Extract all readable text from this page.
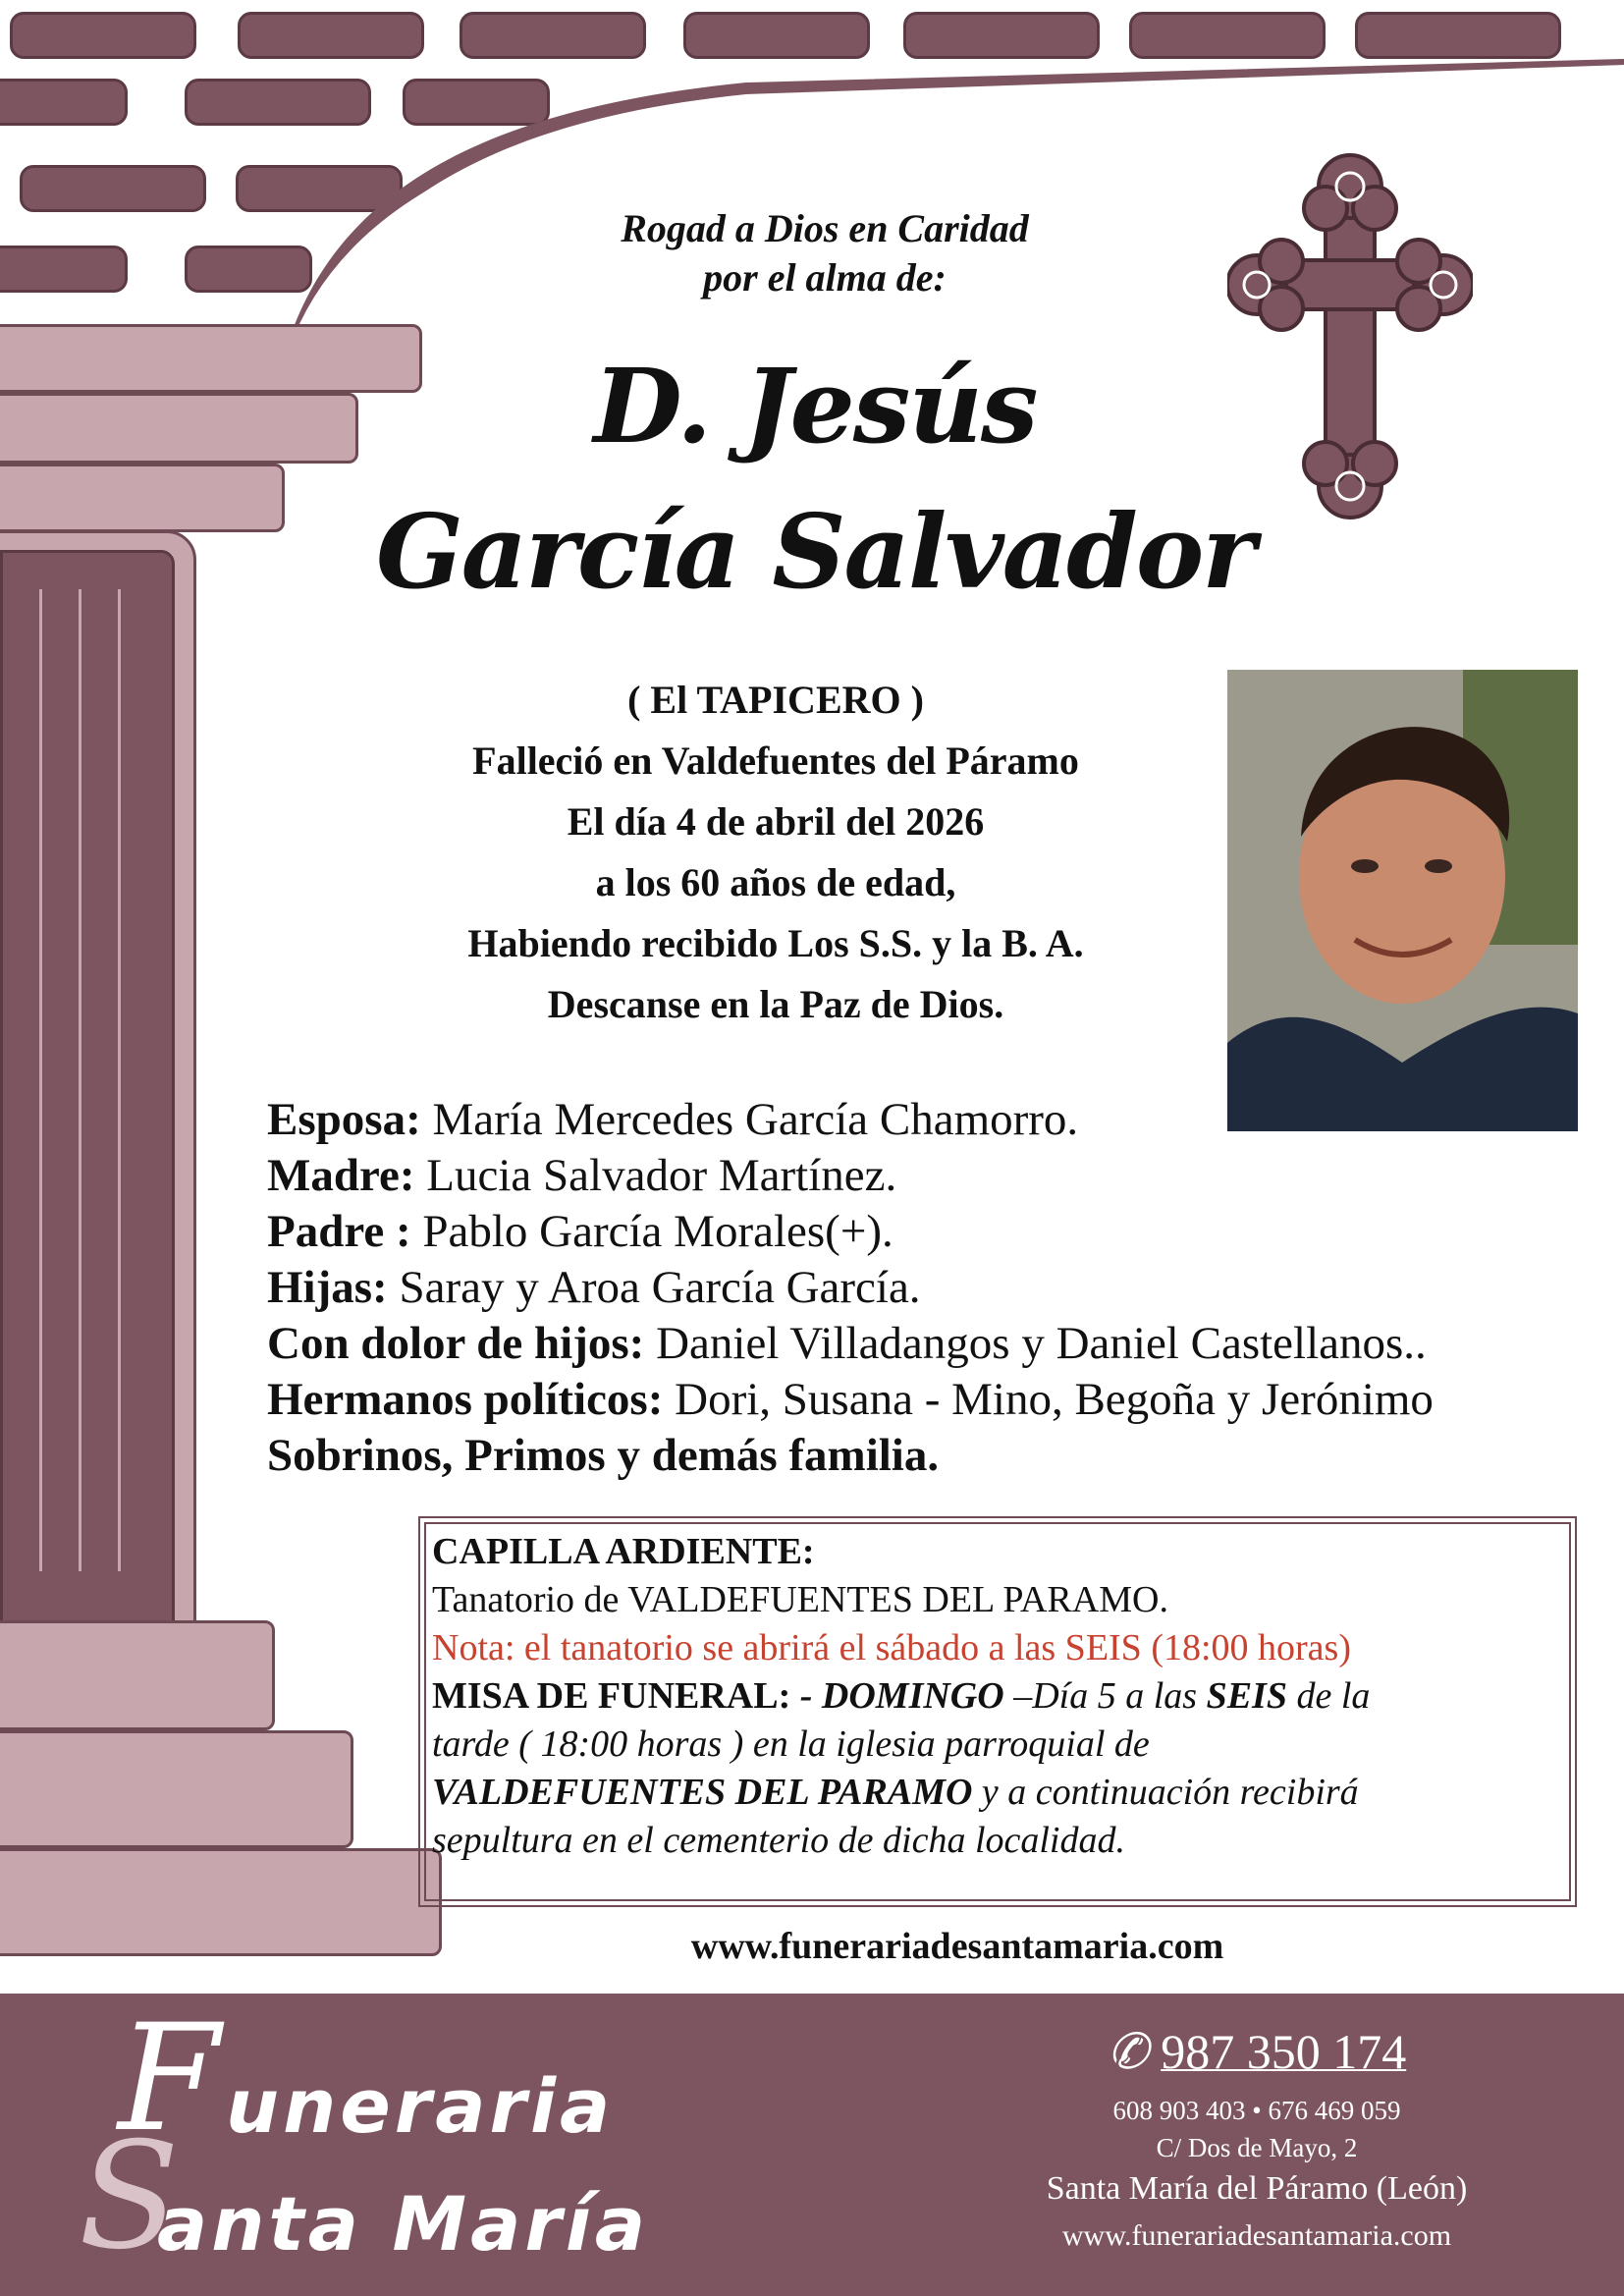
Rogad a Dios en Caridad
por el alma de:
D. Jesús
García Salvador
( El TAPICERO )
Falleció en Valdefuentes del Páramo
El día 4 de abril del 2026
a los 60 años de edad,
Habiendo recibido Los S.S. y la B. A.
Descanse en la Paz de Dios.
Esposa: María Mercedes García Chamorro.
Madre: Lucia Salvador Martínez.
Padre : Pablo García Morales(+).
Hijas: Saray y Aroa García García.
Con dolor de hijos: Daniel Villadangos y Daniel Castellanos..
Hermanos políticos: Dori, Susana - Mino, Begoña y Jerónimo
Sobrinos, Primos y demás familia.
CAPILLA ARDIENTE:
Tanatorio de VALDEFUENTES DEL PARAMO.
Nota: el tanatorio se abrirá el sábado a las SEIS (18:00 horas)
MISA DE FUNERAL: - DOMINGO –Día 5 a las SEIS de la
tarde ( 18:00 horas ) en la iglesia parroquial de
VALDEFUENTES DEL PARAMO y a continuación recibirá
sepultura en el cementerio de dicha localidad.
www.funerariadesantamaria.com
F uneraria
S
anta María
✆ 987 350 174
608 903 403 • 676 469 059
C/ Dos de Mayo, 2
Santa María del Páramo (León)
www.funerariadesantamaria.com
